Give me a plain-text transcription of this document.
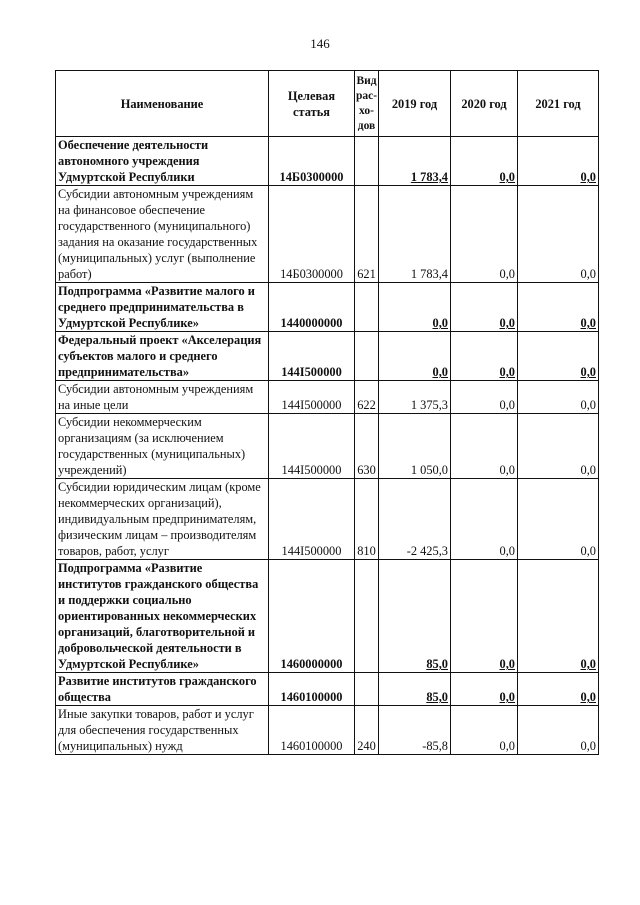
146
Наименование	Целевая статья	Вид рас- хо- дов	2019 год	2020 год	2021 год
Обеспечение деятельности автономного учреждения Удмуртской Республики	14Б0300000		1 783,4	0,0	0,0
Субсидии автономным учреждениям на финансовое обеспечение государственного (муниципального) задания на оказание государственных (муниципальных) услуг (выполнение работ)	14Б0300000	621	1 783,4	0,0	0,0
Подпрограмма «Развитие малого и среднего предпринимательства в Удмуртской Республике»	1440000000		0,0	0,0	0,0
Федеральный проект «Акселерация субъектов малого и среднего предпринимательства»	144I500000		0,0	0,0	0,0
Субсидии автономным учреждениям на иные цели	144I500000	622	1 375,3	0,0	0,0
Субсидии некоммерческим организациям (за исключением государственных (муниципальных) учреждений)	144I500000	630	1 050,0	0,0	0,0
Субсидии юридическим лицам (кроме некоммерческих организаций), индивидуальным предпринимателям, физическим лицам – производителям товаров, работ, услуг	144I500000	810	-2 425,3	0,0	0,0
Подпрограмма «Развитие институтов гражданского общества и поддержки социально ориентированных некоммерческих организаций, благотворительной и добровольческой деятельности в Удмуртской Республике»	1460000000		85,0	0,0	0,0
Развитие институтов гражданского общества	1460100000		85,0	0,0	0,0
Иные закупки товаров, работ и услуг для обеспечения государственных (муниципальных) нужд	1460100000	240	-85,8	0,0	0,0
